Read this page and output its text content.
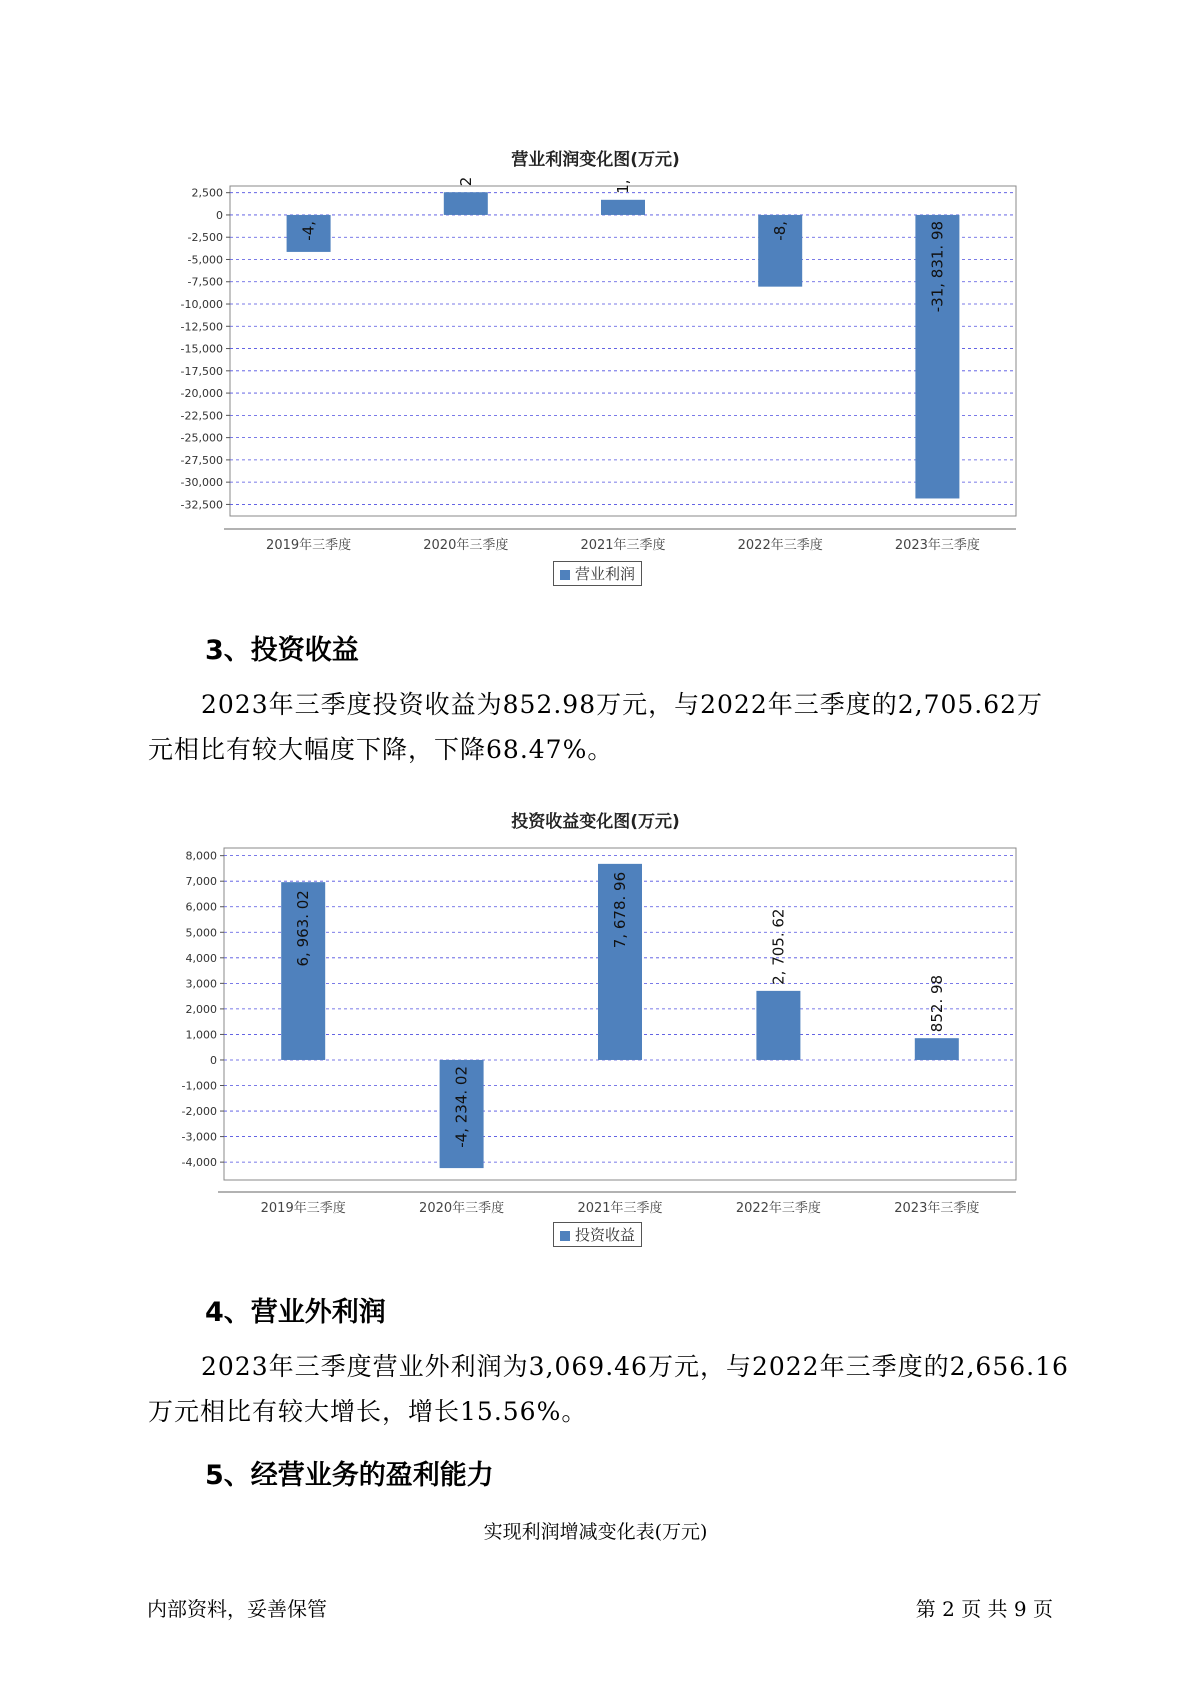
营业利润变化图(万元)
2,500
0
-2,500
-5,000
-7,500
-10,000
-12,500
-15,000
-17,500
-20,000
-22,500
-25,000
-27,500
-30,000
-32,500
-4,
2019年三季度
2
2020年三季度
1,
2021年三季度
-8,
2022年三季度
-31, 831. 98
2023年三季度
营业利润
3、投资收益
2023年三季度投资收益为852.98万元，与2022年三季度的2,705.62万
元相比有较大幅度下降，下降68.47%。
投资收益变化图(万元)
8,000
7,000
6,000
5,000
4,000
3,000
2,000
1,000
0
-1,000
-2,000
-3,000
-4,000
6, 963. 02
2019年三季度
-4, 234. 02
2020年三季度
7, 678. 96
2021年三季度
2, 705. 62
2022年三季度
852. 98
2023年三季度
投资收益
4、营业外利润
2023年三季度营业外利润为3,069.46万元，与2022年三季度的2,656.16
万元相比有较大增长，增长15.56%。
5、经营业务的盈利能力
实现利润增减变化表(万元)
内部资料，妥善保管	第 2 页 共 9 页
